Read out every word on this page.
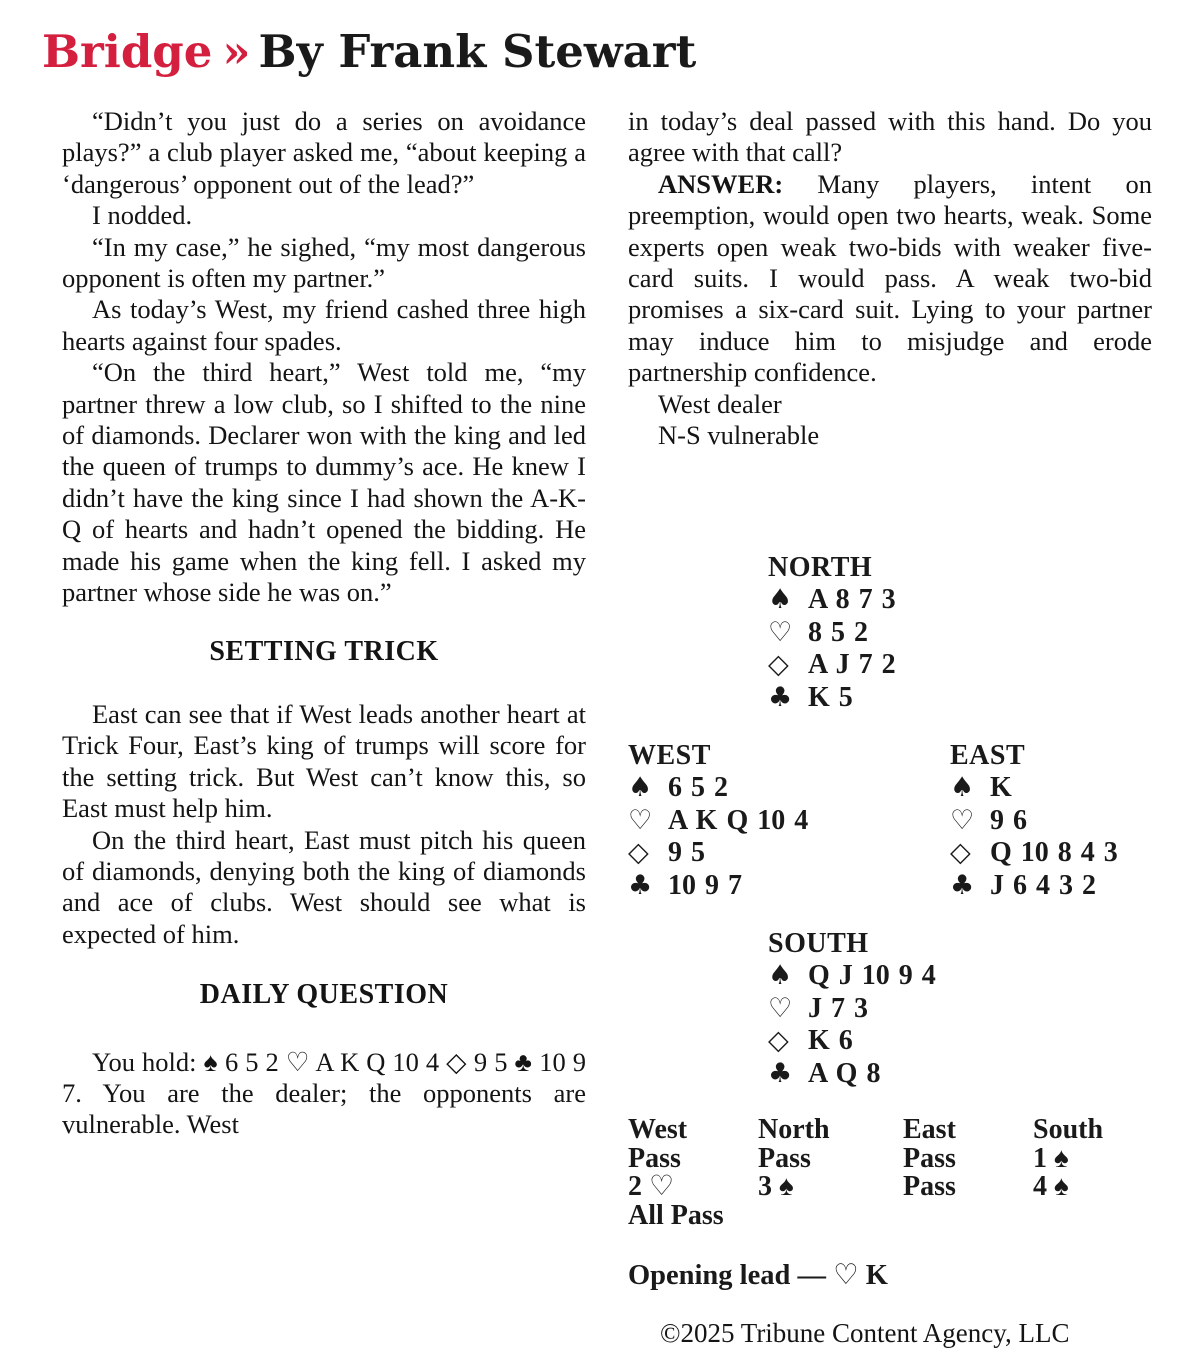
Bridge » By Frank Stewart

“Didn’t you just do a series on avoidance plays?” a club player asked me, “about keeping a ‘dangerous’ opponent out of the lead?”

I nodded.

“In my case,” he sighed, “my most dangerous opponent is often my partner.”

As today’s West, my friend cashed three high hearts against four spades.

“On the third heart,” West told me, “my partner threw a low club, so I shifted to the nine of diamonds. Declarer won with the king and led the queen of trumps to dummy’s ace. He knew I didn’t have the king since I had shown the A-K-Q of hearts and hadn’t opened the bidding. He made his game when the king fell. I asked my partner whose side he was on.”

SETTING TRICK

East can see that if West leads another heart at Trick Four, East’s king of trumps will score for the setting trick. But West can’t know this, so East must help him.

On the third heart, East must pitch his queen of diamonds, denying both the king of diamonds and ace of clubs. West should see what is expected of him.

DAILY QUESTION

You hold: ♠ 6 5 2 ♡ A K Q 10 4 ◇ 9 5 ♣ 10 9 7. You are the dealer; the opponents are vulnerable. West

in today’s deal passed with this hand. Do you agree with that call?

ANSWER: Many players, intent on preemption, would open two hearts, weak. Some experts open weak two-bids with weaker five-card suits. I would pass. A weak two-bid promises a six-card suit. Lying to your partner may induce him to misjudge and erode partnership confidence.

West dealer

N-S vulnerable

NORTH
♠ A 8 7 3
♡ 8 5 2
◇ A J 7 2
♣ K 5
WEST
♠ 6 5 2
♡ A K Q 10 4
◇ 9 5
♣ 10 9 7
EAST
♠ K
♡ 9 6
◇ Q 10 8 4 3
♣ J 6 4 3 2
SOUTH
♠ Q J 10 9 4
♡ J 7 3
◇ K 6
♣ A Q 8
West	North	East	South
Pass	Pass	Pass	1 ♠
2 ♡	3 ♠	Pass	4 ♠
All Pass
Opening lead — ♡ K
©2025 Tribune Content Agency, LLC
